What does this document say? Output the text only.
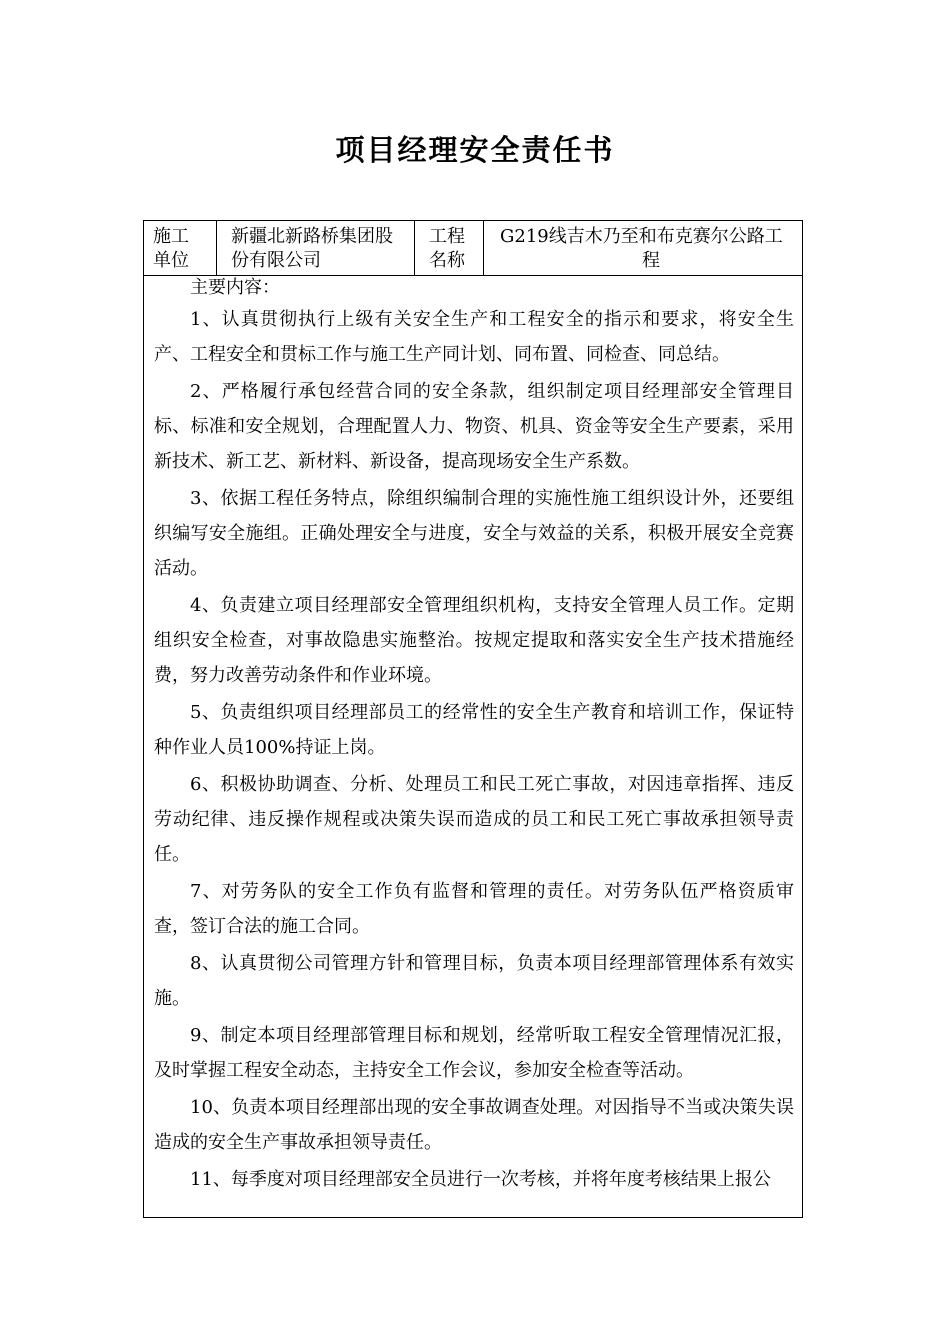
项目经理安全责任书
施工
单位
新疆北新路桥集团股
份有限公司
工程
名称
G219线吉木乃至和布克赛尔公路工
程

主要内容：

1、认真贯彻执行上级有关安全生产和工程安全的指示和要求，将安全生产、工程安全和贯标工作与施工生产同计划、同布置、同检查、同总结。

2、严格履行承包经营合同的安全条款，组织制定项目经理部安全管理目标、标准和安全规划，合理配置人力、物资、机具、资金等安全生产要素，采用新技术、新工艺、新材料、新设备，提高现场安全生产系数。

3、依据工程任务特点，除组织编制合理的实施性施工组织设计外，还要组织编写安全施组。正确处理安全与进度，安全与效益的关系，积极开展安全竞赛活动。

4、负责建立项目经理部安全管理组织机构，支持安全管理人员工作。定期组织安全检查，对事故隐患实施整治。按规定提取和落实安全生产技术措施经费，努力改善劳动条件和作业环境。

5、负责组织项目经理部员工的经常性的安全生产教育和培训工作，保证特种作业人员100%持证上岗。

6、积极协助调查、分析、处理员工和民工死亡事故，对因违章指挥、违反劳动纪律、违反操作规程或决策失误而造成的员工和民工死亡事故承担领导责任。

7、对劳务队的安全工作负有监督和管理的责任。对劳务队伍严格资质审查，签订合法的施工合同。

8、认真贯彻公司管理方针和管理目标，负责本项目经理部管理体系有效实施。

9、制定本项目经理部管理目标和规划，经常听取工程安全管理情况汇报，及时掌握工程安全动态，主持安全工作会议，参加安全检查等活动。

10、负责本项目经理部出现的安全事故调查处理。对因指导不当或决策失误造成的安全生产事故承担领导责任。

11、每季度对项目经理部安全员进行一次考核，并将年度考核结果上报公
